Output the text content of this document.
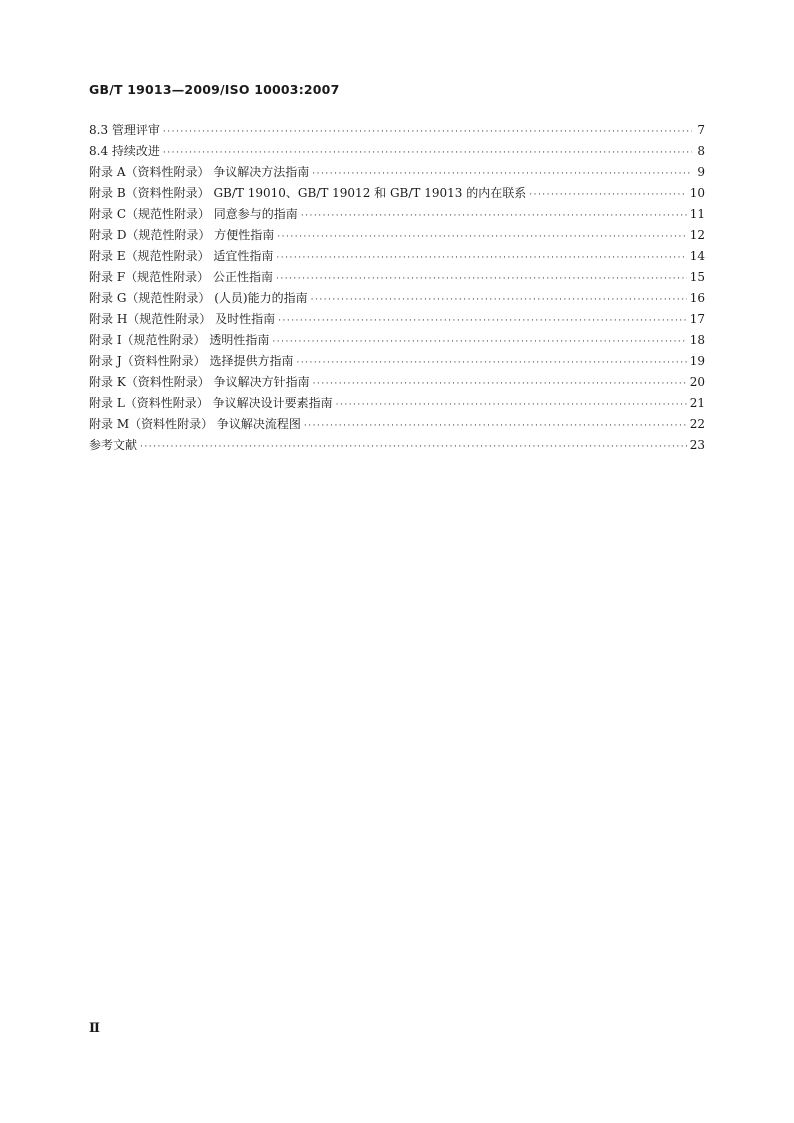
GB/T 19013—2009/ISO 10003:2007
8.3 管理评审 ·····	7
8.4 持续改进 ·····	8
附录 A（资料性附录） 争议解决方法指南 ·····	9
附录 B（资料性附录） GB/T 19010、GB/T 19012 和 GB/T 19013 的内在联系 ·····	10
附录 C（规范性附录） 同意参与的指南 ·····	11
附录 D（规范性附录） 方便性指南 ·····	12
附录 E（规范性附录） 适宜性指南 ·····	14
附录 F（规范性附录） 公正性指南 ·····	15
附录 G（规范性附录） (人员)能力的指南 ·····	16
附录 H（规范性附录） 及时性指南 ·····	17
附录 I（规范性附录） 透明性指南 ·····	18
附录 J（资料性附录） 选择提供方指南 ·····	19
附录 K（资料性附录） 争议解决方针指南 ·····	20
附录 L（资料性附录） 争议解决设计要素指南 ·····	21
附录 M（资料性附录） 争议解决流程图 ·····	22
参考文献 ·····	23
Ⅱ
